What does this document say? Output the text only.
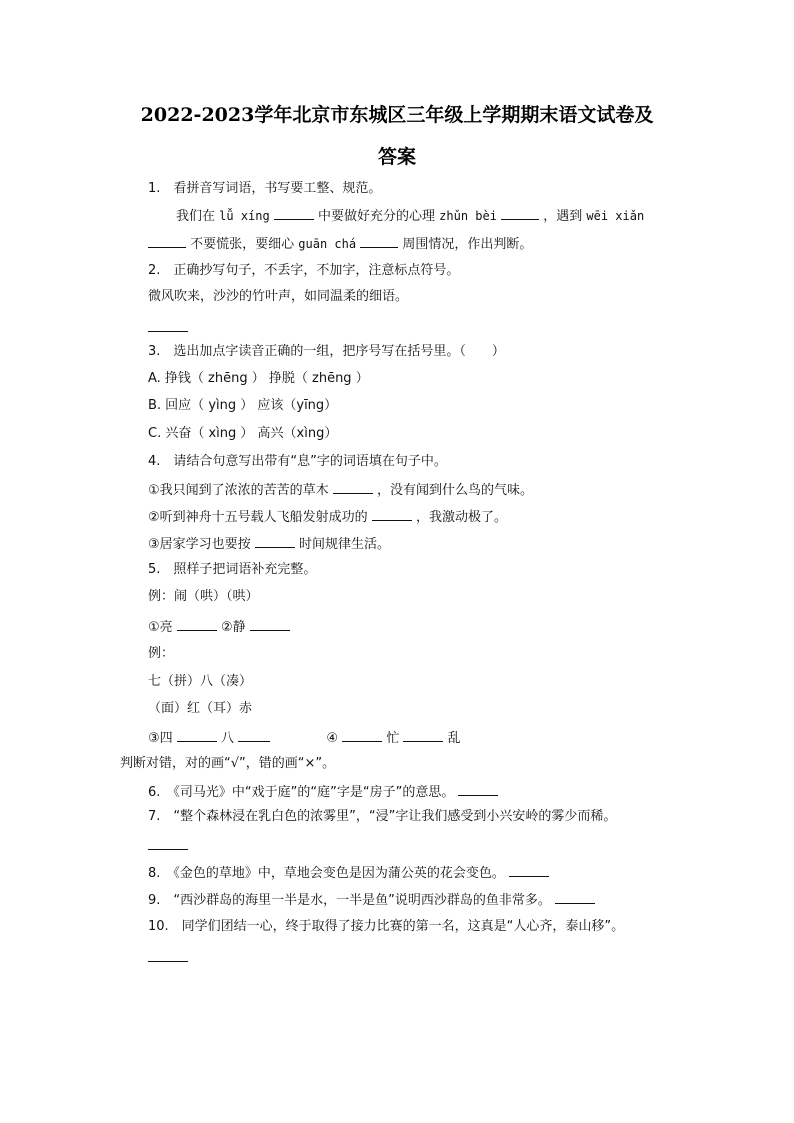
2022-2023学年北京市东城区三年级上学期期末语文试卷及
答案
1.　看拼音写词语，书写要工整、规范。
我们在 lǚ xíng	中要做好充分的心理 zhǔn bèi	，遇到 wēi xiǎn
不要慌张，要细心 guān chá	周围情况，作出判断。
2.　正确抄写句子，不丢字，不加字，注意标点符号。
微风吹来，沙沙的竹叶声，如同温柔的细语。
3.　选出加点字读音正确的一组，把序号写在括号里。（　　）
A. 挣钱（ zhēng ） 挣脱（ zhēng ）
B. 回应（ yìng ） 应该（yīng）
C. 兴奋（ xìng ） 高兴（xìng）
4.　请结合句意写出带有“息”字的词语填在句子中。
①我只闻到了浓浓的苦苦的草木	，没有闻到什么鸟的气味。
②听到神舟十五号载人飞船发射成功的	，我激动极了。
③居家学习也要按	时间规律生活。
5.　照样子把词语补充完整。
例：闹（哄）（哄）
①亮	②静
例：
七（拼）八（凑）
（面）红（耳）赤
③四	八	④	忙	乱
判断对错，对的画“√”，错的画“×”。
6.　《司马光》中“戏于庭”的“庭”字是“房子”的意思。
7.　“整个森林浸在乳白色的浓雾里”，“浸”字让我们感受到小兴安岭的雾少而稀。
8.　《金色的草地》中，草地会变色是因为蒲公英的花会变色。
9.　“西沙群岛的海里一半是水，一半是鱼”说明西沙群岛的鱼非常多。
10.　同学们团结一心，终于取得了接力比赛的第一名，这真是“人心齐，泰山移”。
